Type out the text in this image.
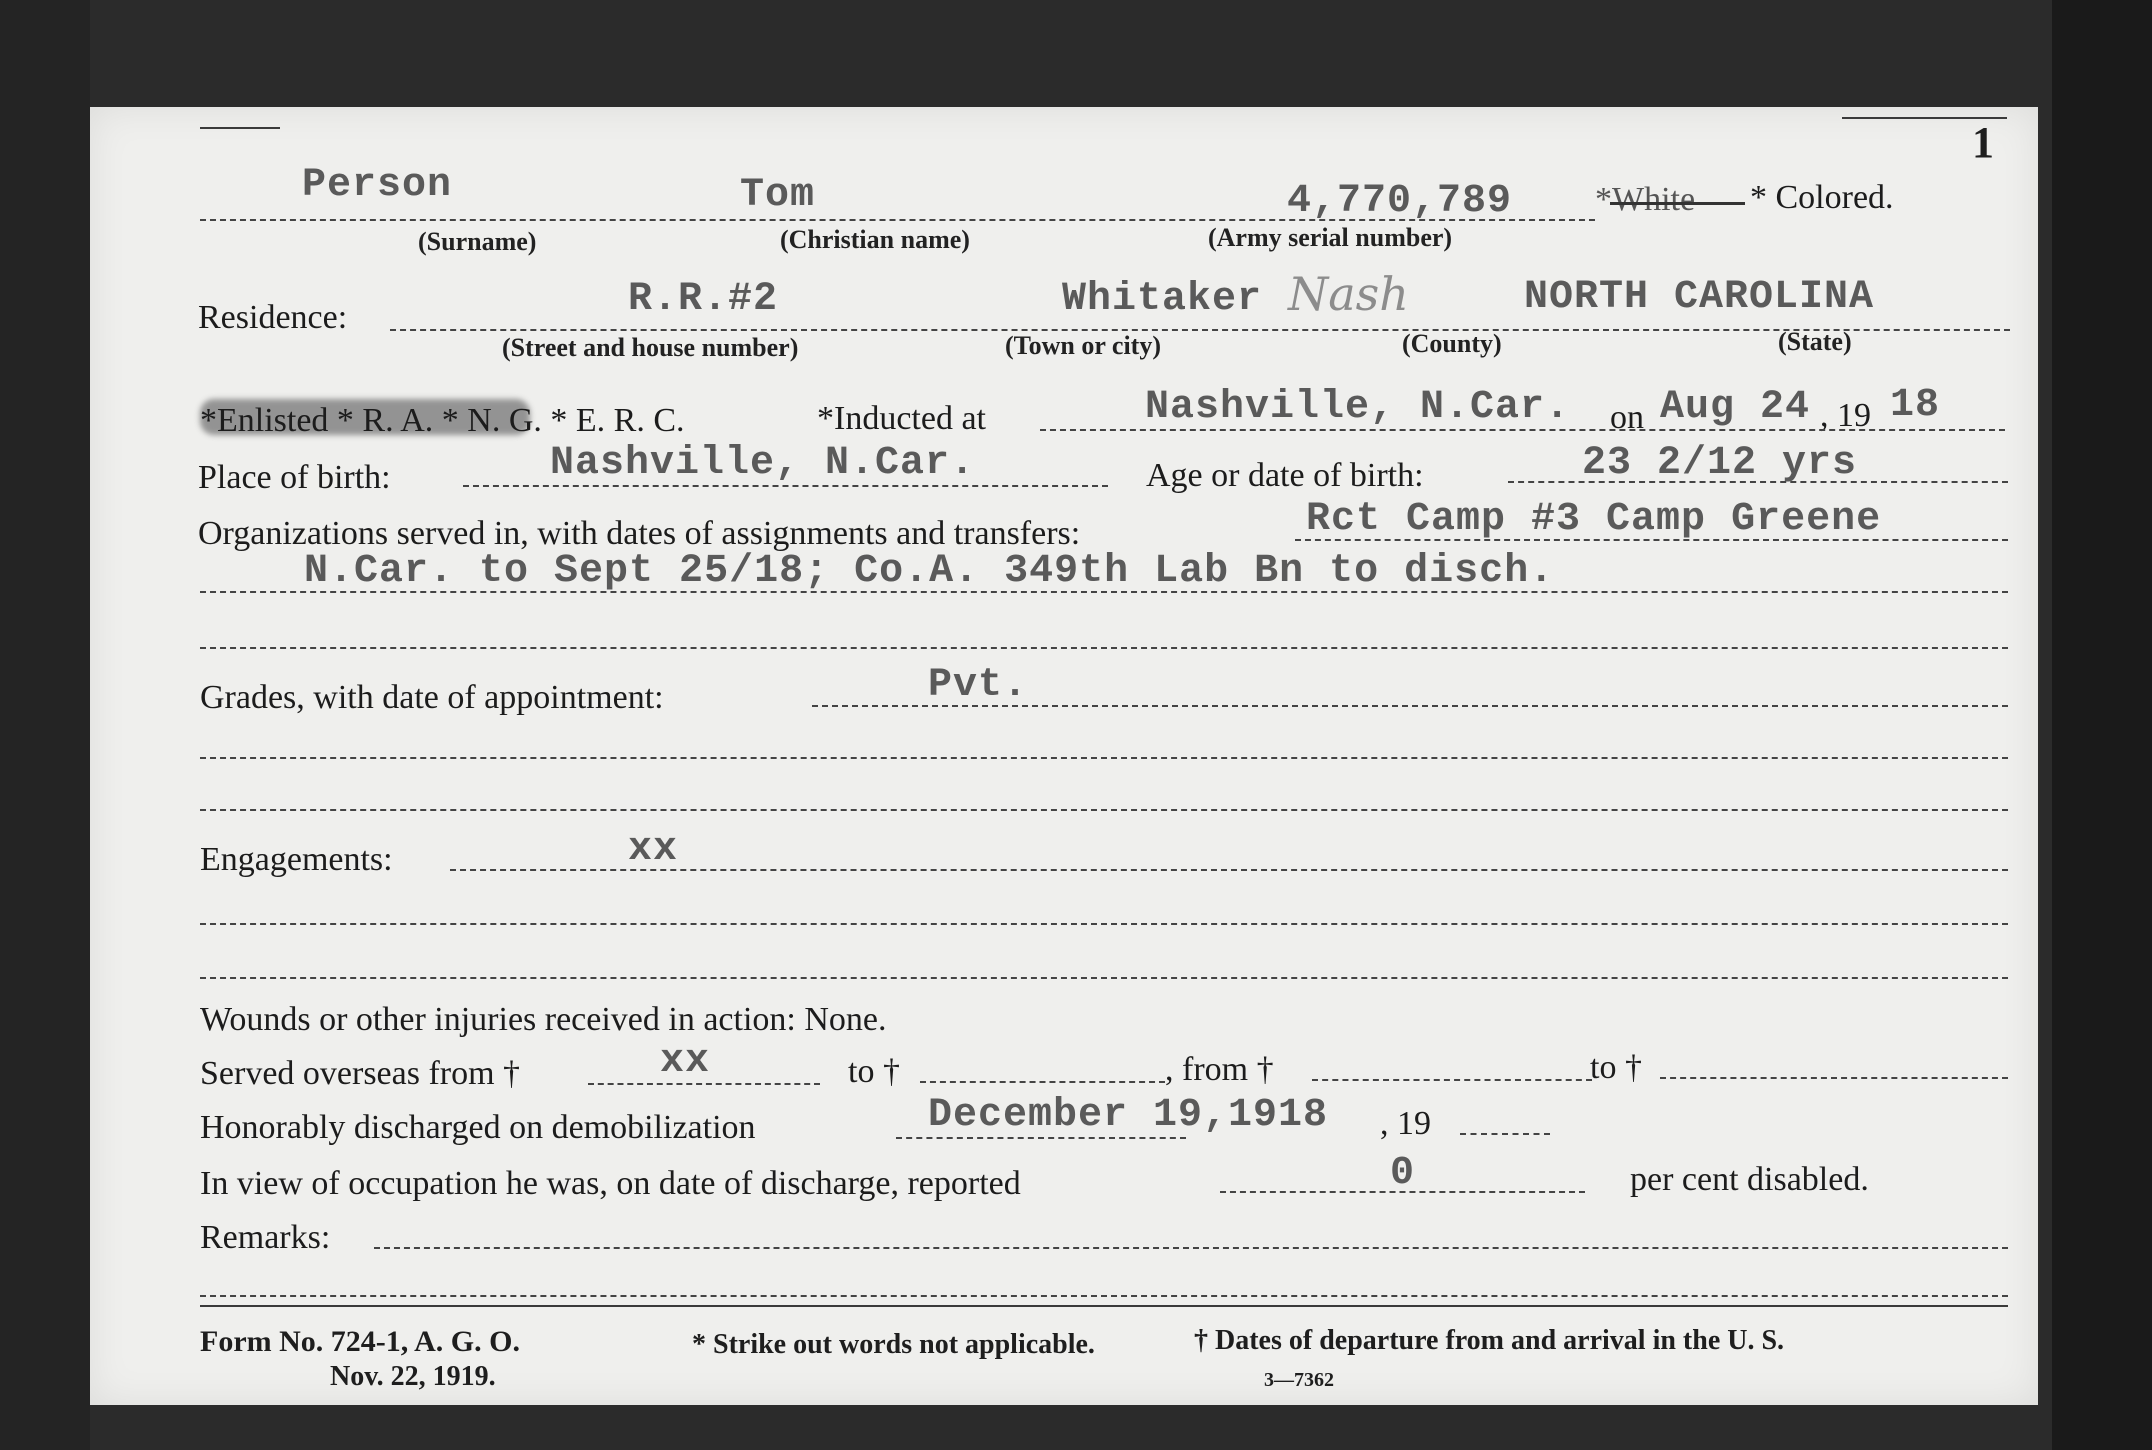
1
Person	Tom	4,770,789 *White * Colored.
(Surname)	(Christian name)	(Army serial number)
Residence:	R.R.#2	Whitaker Nash	NORTH CAROLINA
(Street and house number)	(Town or city)	(County)	(State)
*Enlisted * R. A. * N. G. * E. R. C.	*Inducted at	Nashville, N.Car. on Aug 24 , 19 18
Place of birth:	Nashville, N.Car.	Age or date of birth:	23 2/12 yrs
Organizations served in, with dates of assignments and transfers:	Rct Camp #3 Camp Greene
N.Car. to Sept 25/18; Co.A. 349th Lab Bn to disch.
Grades, with date of appointment:	Pvt.
Engagements:	xx
Wounds or other injuries received in action: None.
Served overseas from †	xx	to †	, from †	to †
Honorably discharged on demobilization	December 19,1918 , 19
In view of occupation he was, on date of discharge, reported	0	per cent disabled.
Remarks:
Form No. 724-1, A. G. O.
Nov. 22, 1919.
* Strike out words not applicable.	† Dates of departure from and arrival in the U. S.
3—7362
